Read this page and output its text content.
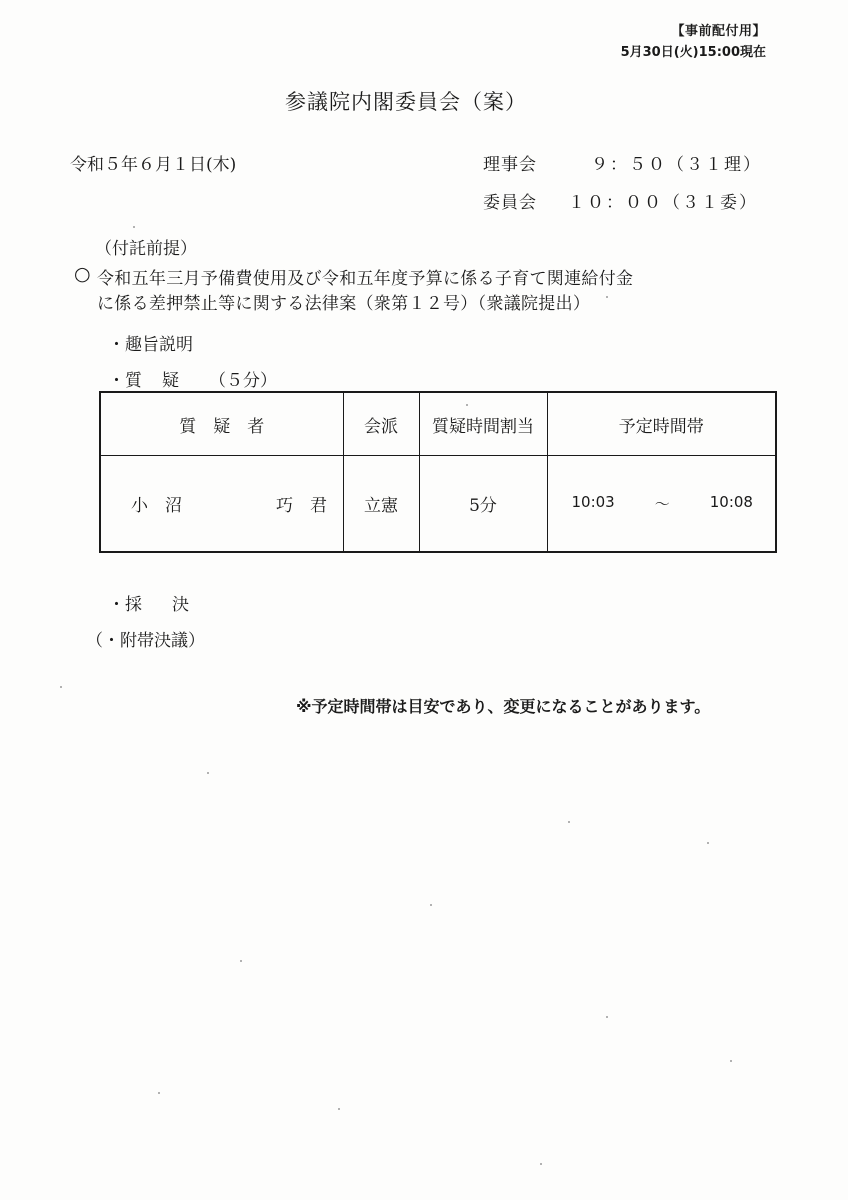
【事前配付用】
5月30日(火)15:00現在
参議院内閣委員会（案）
令和５年６月１日(木)	理事会	９：５０（３１理）
委員会 １０：００（３１委）
（付託前提）
○ 令和五年三月予備費使用及び令和五年度予算に係る子育て関連給付金
に係る差押禁止等に関する法律案（衆第１２号）（衆議院提出）
・趣旨説明
・質 疑 （５分）
質　疑　者	会派	質疑時間割当	予定時間帯
小　沼 巧　君	立憲	5分	10:03 ～ 10:08
・採 決
（・附帯決議）
※予定時間帯は目安であり、変更になることがあります。
